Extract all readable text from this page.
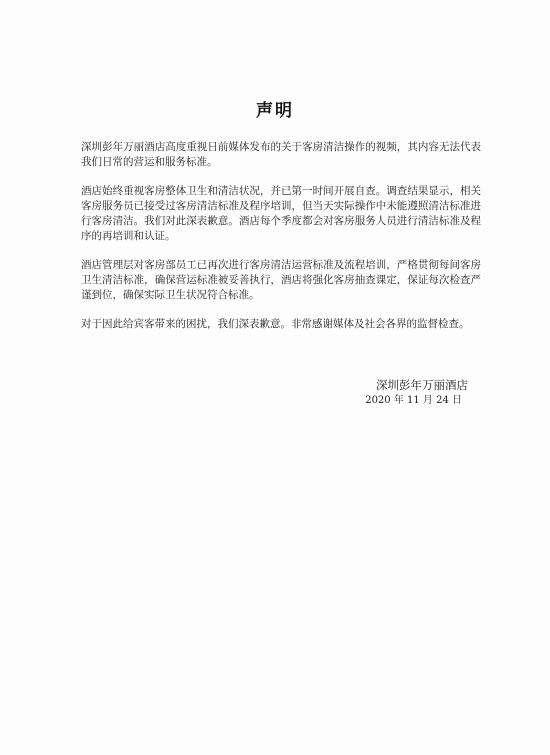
声明

深圳彭年万丽酒店高度重视日前媒体发布的关于客房清洁操作的视频，其内容无法代表我们日常的营运和服务标准。

酒店始终重视客房整体卫生和清洁状况，并已第一时间开展自查。调查结果显示，相关客房服务员已接受过客房清洁标准及程序培训，但当天实际操作中未能遵照清洁标准进行客房清洁。我们对此深表歉意。酒店每个季度都会对客房服务人员进行清洁标准及程序的再培训和认证。

酒店管理层对客房部员工已再次进行客房清洁运营标准及流程培训，严格贯彻每间客房卫生清洁标准，确保营运标准被妥善执行，酒店将强化客房抽查课定，保证每次检查严谨到位，确保实际卫生状况符合标准。

对于因此给宾客带来的困扰，我们深表歉意。非常感谢媒体及社会各界的监督检查。

深圳彭年万丽酒店
2020 年 11 月 24 日
